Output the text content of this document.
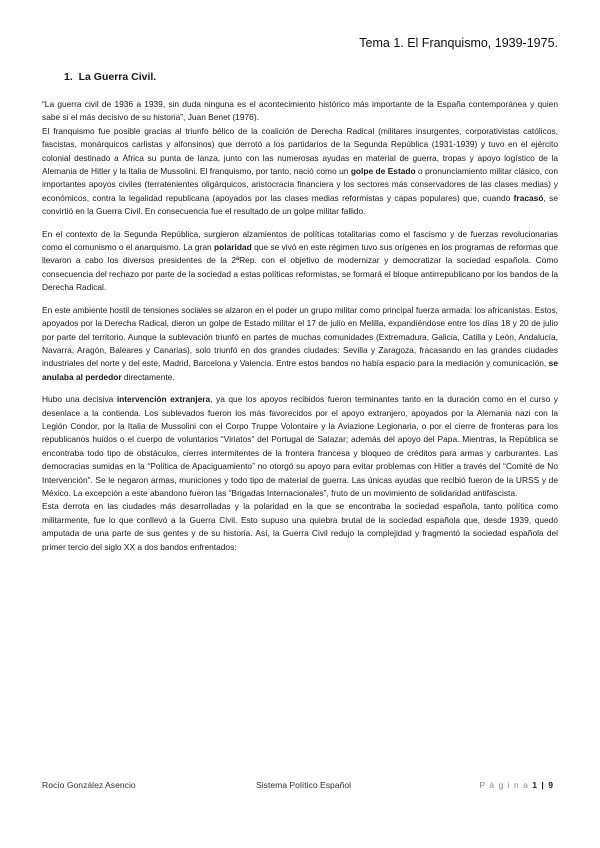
Tema 1. El Franquismo, 1939-1975.
1. La Guerra Civil.

“La guerra civil de 1936 a 1939, sin duda ninguna es el acontecimiento histórico más importante de la España contemporánea y quien sabe si el más decisivo de su historia”, Juan Benet (1976).

El franquismo fue posible gracias al triunfo bélico de la coalición de Derecha Radical (militares insurgentes, corporativistas católicos, fascistas, monárquicos carlistas y alfonsinos) que derrotó a los partidarios de la Segunda República (1931-1939) y tuvo en el ejército colonial destinado a África su punta de lanza, junto con las numerosas ayudas en material de guerra, tropas y apoyo logístico de la Alemania de Hitler y la Italia de Mussolini. El franquismo, por tanto, nació como un golpe de Estado o pronunciamiento militar clásico, con importantes apoyos civiles (terratenientes oligárquicos, aristocracia financiera y los sectores más conservadores de las clases medias) y económicos, contra la legalidad republicana (apoyados por las clases medias reformistas y capas populares) que, cuando fracasó, se convirtió en la Guerra Civil. En consecuencia fue el resultado de un golpe militar fallido.

En el contexto de la Segunda República, surgieron alzamientos de políticas totalitarias como el fascismo y de fuerzas revolucionarias como el comunismo o el anarquismo. La gran polaridad que se vivó en este régimen tuvo sus orígenes en los programas de reformas que llevaron a cabo los diversos presidentes de la 2ªRep. con el objetivo de modernizar y democratizar la sociedad española. Como consecuencia del rechazo por parte de la sociedad a estas políticas reformistas, se formará el bloque antirrepublicano por los bandos de la Derecha Radical.

En este ambiente hostil de tensiones sociales se alzaron en el poder un grupo militar como principal fuerza armada: los africanistas. Estos, apoyados por la Derecha Radical, dieron un golpe de Estado militar el 17 de julio en Melilla, expandiéndose entre los días 18 y 20 de julio por parte del territorio. Aunque la sublevación triunfó en partes de muchas comunidades (Extremadura, Galicia, Catilla y León, Andalucía, Navarra, Aragón, Baleares y Canarias), solo triunfó en dos grandes ciudades: Sevilla y Zaragoza, fracasando en las grandes ciudades industriales del norte y del este, Madrid, Barcelona y Valencia. Entre estos bandos no había espacio para la mediación y comunicación, se anulaba al perdedor directamente.

Hubo una decisiva intervención extranjera, ya que los apoyos recibidos fueron terminantes tanto en la duración como en el curso y desenlace a la contienda. Los sublevados fueron los más favorecidos por el apoyo extranjero, apoyados por la Alemania nazi con la Legión Condor, por la Italia de Mussolini con el Corpo Truppe Volontaire y la Aviazione Legionaria, o por el cierre de fronteras para los republicanos huidos o el cuerpo de voluntarios “Viriatos” del Portugal de Salazar; además del apoyo del Papa. Mientras, la República se encontraba todo tipo de obstáculos, cierres intermitentes de la frontera francesa y bloqueo de créditos para armas y carburantes. Las democracias sumidas en la “Política de Apaciguamiento” no otorgó su apoyo para evitar problemas con Hitler a través del “Comité de No Intervención”. Se le negaron armas, municiones y todo tipo de material de guerra. Las únicas ayudas que recibió fueron de la URSS y de México. La excepción a este abandono fueron las “Brigadas Internacionales”, fruto de un movimiento de solidaridad antifascista.

Esta derrota en las ciudades más desarrolladas y la polaridad en la que se encontraba la sociedad española, tanto política como militarmente, fue lo que conllevó a la Guerra Civil. Esto supuso una quiebra brutal de la sociedad española que, desde 1939, quedó amputada de una parte de sus gentes y de su historia. Así, la Guerra Civil redujo la complejidad y fragmentó la sociedad española del primer tercio del siglo XX a dos bandos enfrentados:

Rocío González Asencio	Sistema Político Español	P á g i n a 1 | 9
